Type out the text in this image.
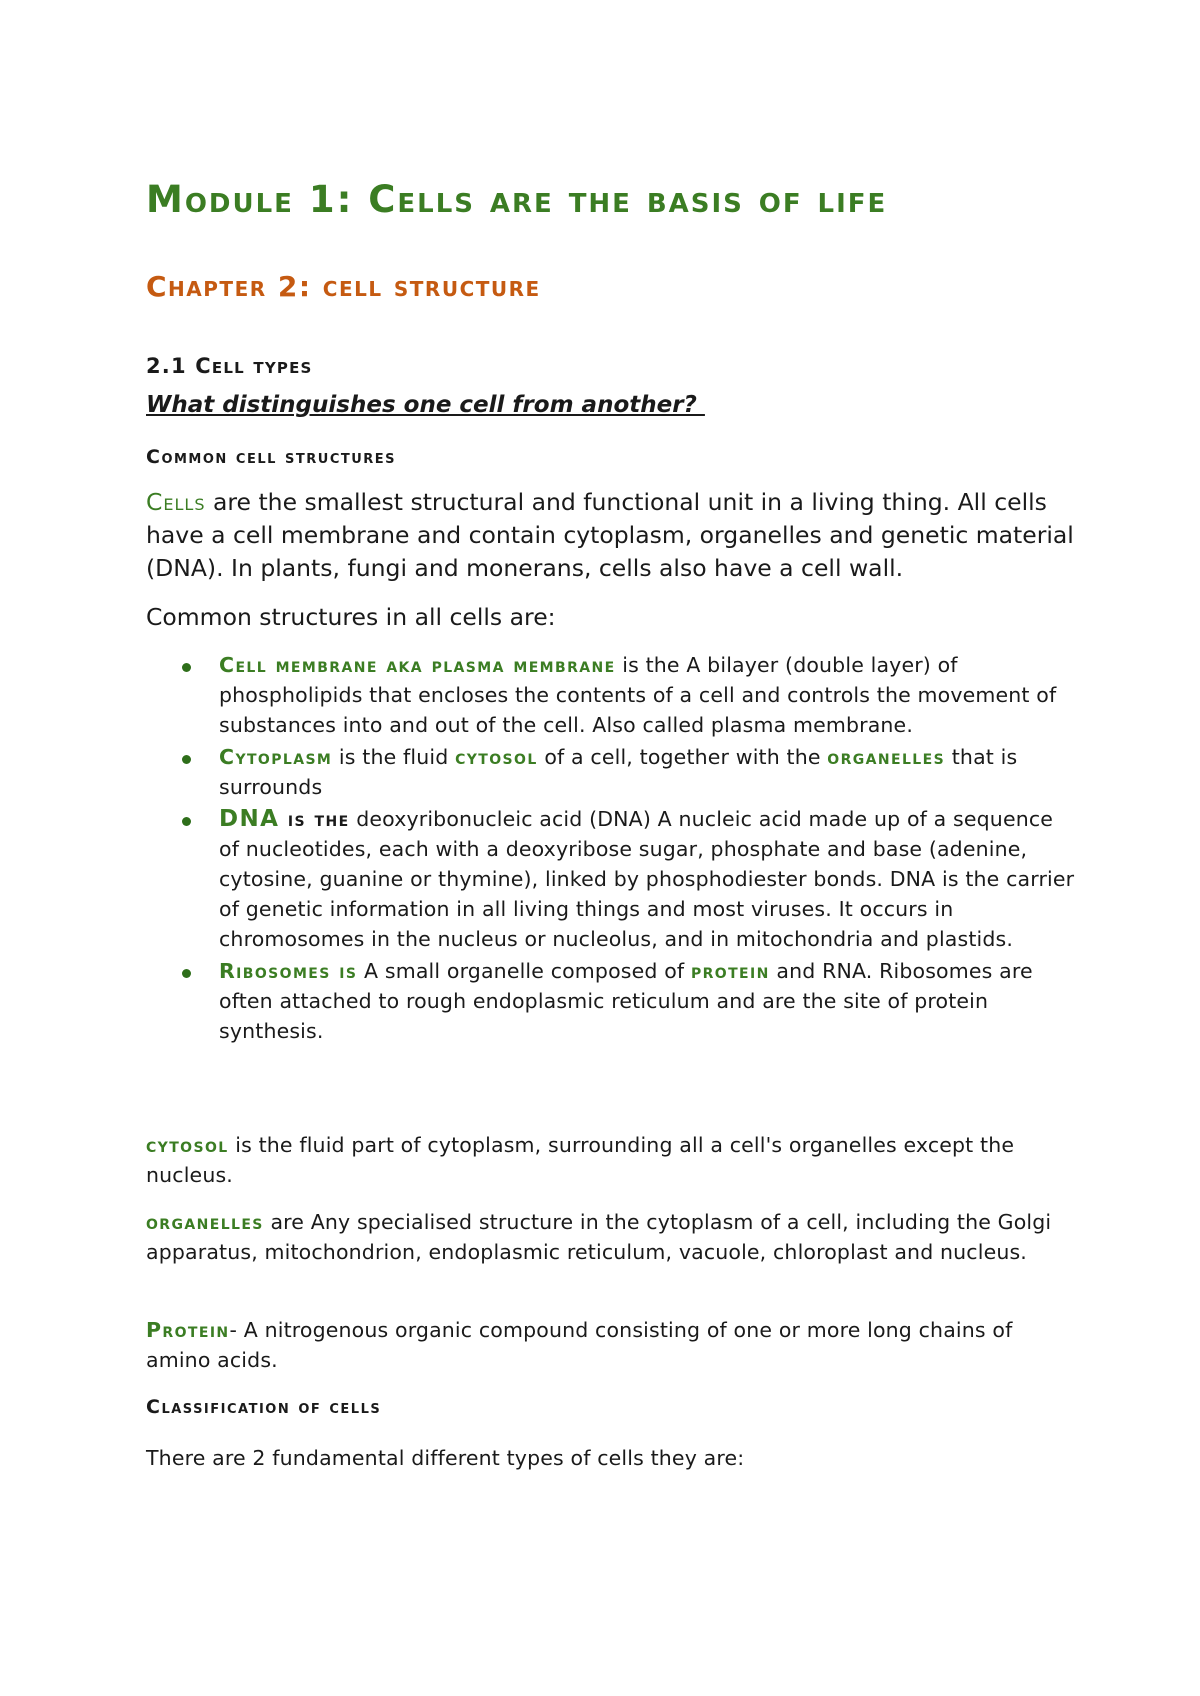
Module 1: Cells are the basis of life
Chapter 2: cell structure
2.1 Cell types

What distinguishes one cell from another?

Common cell structures

Cells are the smallest structural and functional unit in a living thing. All cells have a cell membrane and contain cytoplasm, organelles and genetic material (DNA). In plants, fungi and monerans, cells also have a cell wall.

Common structures in all cells are:

Cell membrane aka plasma membrane is the A bilayer (double layer) of phospholipids that encloses the contents of a cell and controls the movement of substances into and out of the cell. Also called plasma membrane.
Cytoplasm is the fluid cytosol of a cell, together with the organelles that is surrounds
DNA is the deoxyribonucleic acid (DNA) A nucleic acid made up of a sequence of nucleotides, each with a deoxyribose sugar, phosphate and base (adenine, cytosine, guanine or thymine), linked by phosphodiester bonds. DNA is the carrier of genetic information in all living things and most viruses. It occurs in chromosomes in the nucleus or nucleolus, and in mitochondria and plastids.
Ribosomes is A small organelle composed of protein and RNA. Ribosomes are often attached to rough endoplasmic reticulum and are the site of protein synthesis.

cytosol is the fluid part of cytoplasm, surrounding all a cell's organelles except the nucleus.

organelles are Any specialised structure in the cytoplasm of a cell, including the Golgi apparatus, mitochondrion, endoplasmic reticulum, vacuole, chloroplast and nucleus.

Protein- A nitrogenous organic compound consisting of one or more long chains of amino acids.

Classification of cells

There are 2 fundamental different types of cells they are:
